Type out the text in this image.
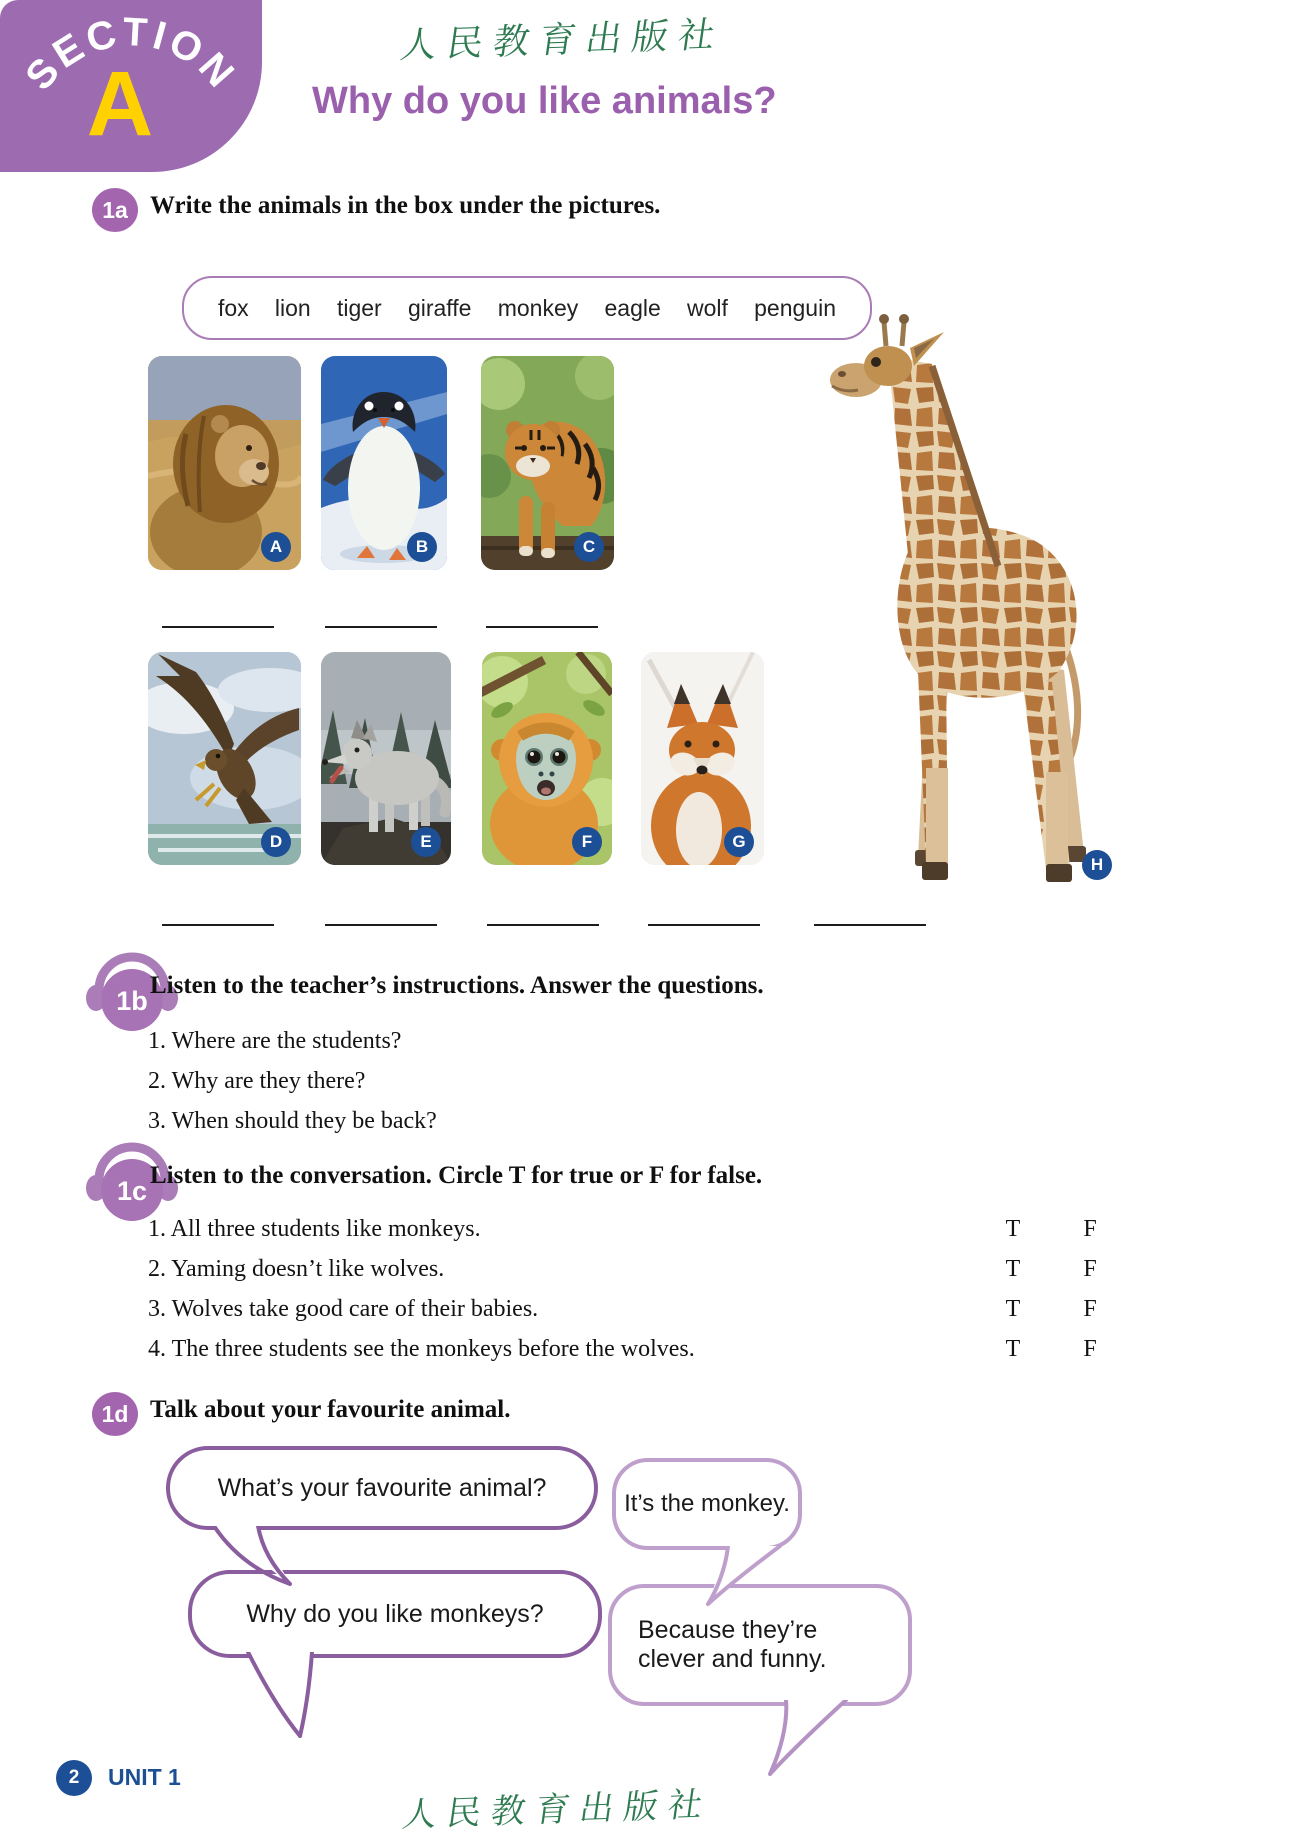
SECTION
A
人民教育出版社
Why do you like animals?
1a Write the animals in the box under the pictures.
fox lion tiger giraffe monkey eagle wolf penguin
A	B	C
H
D	E	F	G
1b
Listen to the teacher’s instructions. Answer the questions.
1. Where are the students?
2. Why are they there?
3. When should they be back?
1c
Listen to the conversation. Circle T for true or F for false.
1. All three students like monkeys.	T	F
2. Yaming doesn’t like wolves.	T	F
3. Wolves take good care of their babies.	T	F
4. The three students see the monkeys before the wolves.	T	F
1d Talk about your favourite animal.
What’s your favourite animal?
It’s the monkey.
Why do you like monkeys?
Because they’re clever and funny.
2	UNIT 1
人民教育出版社
